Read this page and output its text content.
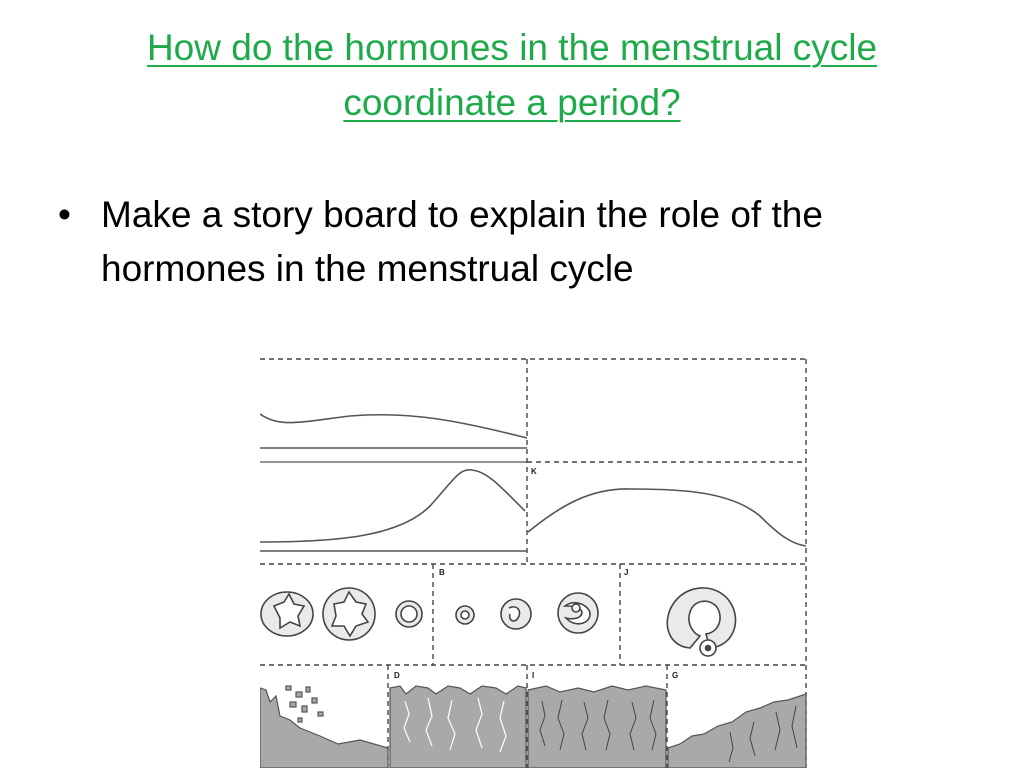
How do the hormones in the menstrual cycle
coordinate a period?
• Make a story board to explain the role of the
hormones in the menstrual cycle
K
B	J
D	I	G
